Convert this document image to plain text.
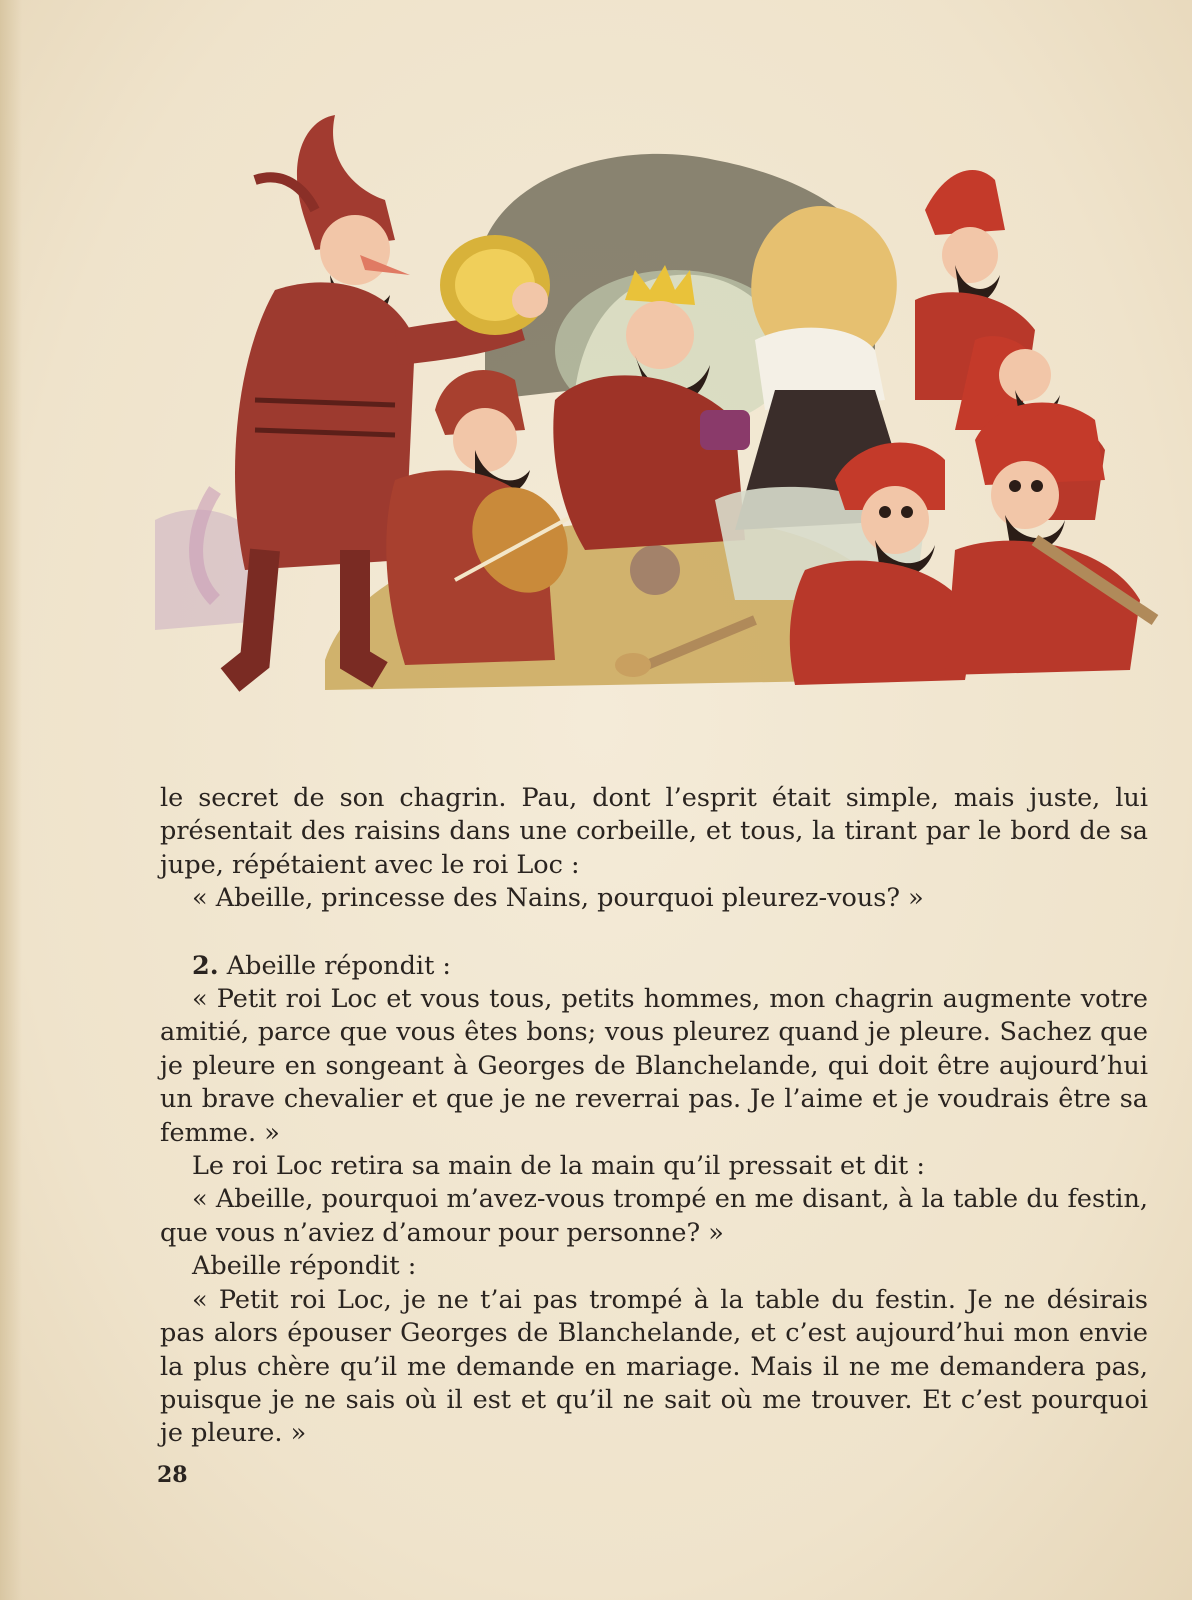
le secret de son chagrin. Pau, dont l’esprit était simple, mais juste, lui présentait des raisins dans une corbeille, et tous, la tirant par le bord de sa jupe, répétaient avec le roi Loc :

« Abeille, princesse des Nains, pourquoi pleurez-vous? »

2. Abeille répondit :

« Petit roi Loc et vous tous, petits hommes, mon chagrin augmente votre amitié, parce que vous êtes bons; vous pleurez quand je pleure. Sachez que je pleure en songeant à Georges de Blanchelande, qui doit être aujourd’hui un brave chevalier et que je ne reverrai pas. Je l’aime et je voudrais être sa femme. »

Le roi Loc retira sa main de la main qu’il pressait et dit :

« Abeille, pourquoi m’avez-vous trompé en me disant, à la table du festin, que vous n’aviez d’amour pour personne? »

Abeille répondit :

« Petit roi Loc, je ne t’ai pas trompé à la table du festin. Je ne désirais pas alors épouser Georges de Blanchelande, et c’est aujourd’hui mon envie la plus chère qu’il me demande en mariage. Mais il ne me demandera pas, puisque je ne sais où il est et qu’il ne sait où me trouver. Et c’est pourquoi je pleure. »

28
